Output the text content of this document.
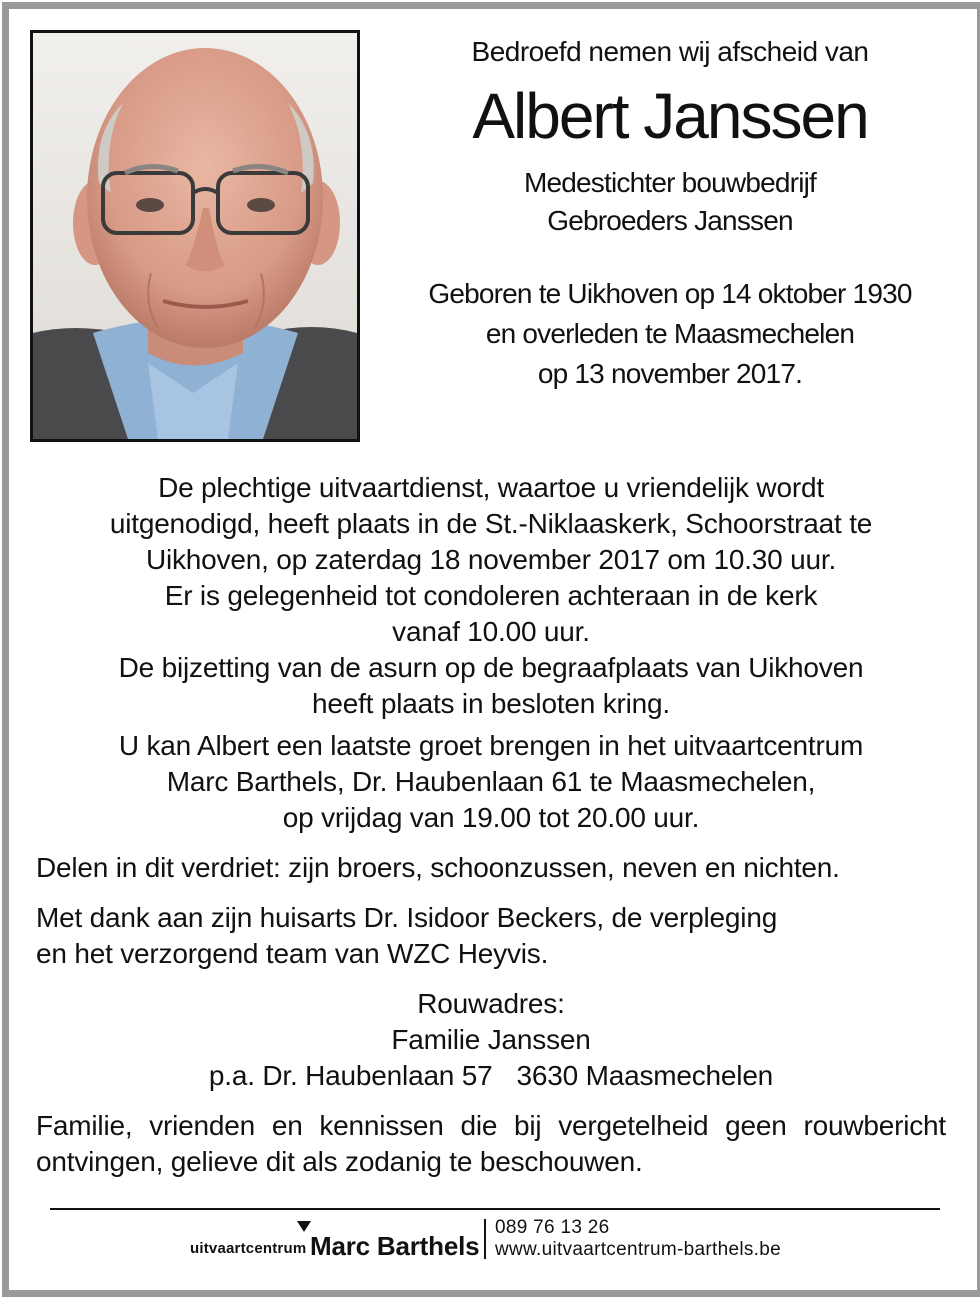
Bedroefd nemen wij afscheid van
Albert Janssen
Medestichter bouwbedrijf
Gebroeders Janssen
Geboren te Uikhoven op 14 oktober 1930
en overleden te Maasmechelen
op 13 november 2017.
De plechtige uitvaartdienst, waartoe u vriendelijk wordt
uitgenodigd, heeft plaats in de St.-Niklaaskerk, Schoorstraat te
Uikhoven, op zaterdag 18 november 2017 om 10.30 uur.
Er is gelegenheid tot condoleren achteraan in de kerk
vanaf 10.00 uur.
De bijzetting van de asurn op de begraafplaats van Uikhoven
heeft plaats in besloten kring.
U kan Albert een laatste groet brengen in het uitvaartcentrum
Marc Barthels, Dr. Haubenlaan 61 te Maasmechelen,
op vrijdag van 19.00 tot 20.00 uur.
Delen in dit verdriet: zijn broers, schoonzussen, neven en nichten.
Met dank aan zijn huisarts Dr. Isidoor Beckers, de verpleging
en het verzorgend team van WZC Heyvis.
Rouwadres:
Familie Janssen
p.a. Dr. Haubenlaan 57 3630 Maasmechelen
Familie, vrienden en kennissen die bij vergetelheid geen rouwbericht
ontvingen, gelieve dit als zodanig te beschouwen.
uitvaartcentrum Marc Barthels
089 76 13 26
www.uitvaartcentrum-barthels.be
